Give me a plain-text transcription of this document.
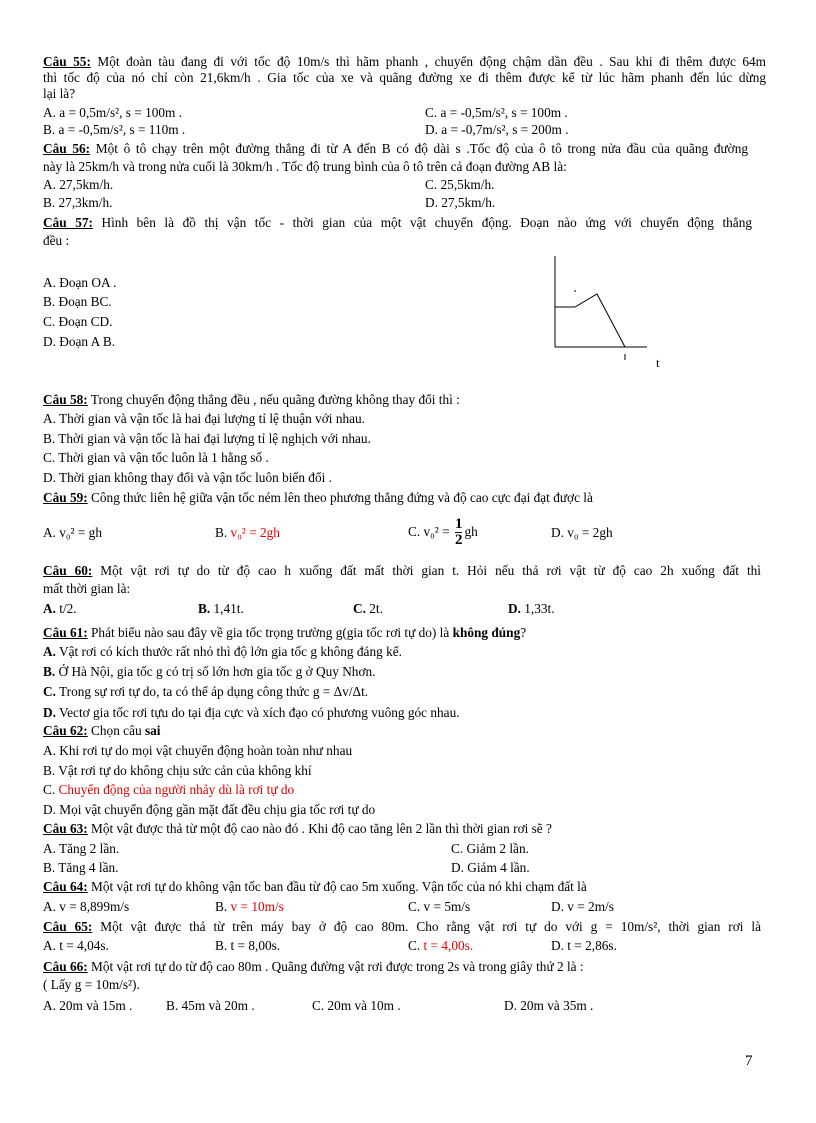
Câu 55: Một đoàn tàu đang đi với tốc độ 10m/s thì hãm phanh , chuyển động chậm dần đều . Sau khi đi thêm được 64m
thì tốc độ của nó chỉ còn 21,6km/h . Gia tốc của xe và quãng đường xe đi thêm được kể từ lúc hãm phanh đến lúc dừng
lại là?
A. a = 0,5m/s², s = 100m .	C. a = -0,5m/s², s = 100m .
B. a = -0,5m/s², s = 110m .	D. a = -0,7m/s², s = 200m .
Câu 56: Một ô tô chạy trên một đường thẳng đi từ A đến B có độ dài s .Tốc độ của ô tô trong nửa đầu của quãng đường
này là 25km/h và trong nửa cuối là 30km/h . Tốc độ trung bình của ô tô trên cả đoạn đường AB là:
A. 27,5km/h.	C. 25,5km/h.
B. 27,3km/h.	D. 27,5km/h.
Câu 57: Hình bên là đồ thị vận tốc - thời gian của một vật chuyển động. Đoạn nào ứng với chuyển động thẳng
đều :
A. Đoạn OA .
B. Đoạn BC.
C. Đoạn CD.
D. Đoạn A B.
t
Câu 58: Trong chuyển động thẳng đều , nếu quãng đường không thay đổi thì :
A. Thời gian và vận tốc là hai đại lượng tỉ lệ thuận với nhau.
B. Thời gian và vận tốc là hai đại lượng tỉ lệ nghịch với nhau.
C. Thời gian và vận tốc luôn là 1 hằng số .
D. Thời gian không thay đổi và vận tốc luôn biến đổi .
Câu 59: Công thức liên hệ giữa vận tốc ném lên theo phương thẳng đứng và độ cao cực đại đạt được là
A. v₀² = gh	B. v₀² = 2gh	C. $v_0^2 = \frac{1}{2}$ gh	D. v₀ = 2gh
Câu 60: Một vật rơi tự do từ độ cao h xuống đất mất thời gian t. Hỏi nếu thả rơi vật từ độ cao 2h xuống đất thì
mất thời gian là:
A. t/2.	B. 1,41t.	C. 2t.	D. 1,33t.
Câu 61: Phát biểu nào sau đây về gia tốc trọng trường g(gia tốc rơi tự do) là không đúng?
A. Vật rơi có kích thước rất nhỏ thì độ lớn gia tốc g không đáng kể.
B. Ở Hà Nội, gia tốc g có trị số lớn hơn gia tốc g ở Quy Nhơn.
C. Trong sự rơi tự do, ta có thể áp dụng công thức g = Δv/Δt.
D. Vectơ gia tốc rơi tựu do tại địa cực và xích đạo có phương vuông góc nhau.
Câu 62: Chọn câu sai
A. Khi rơi tự do mọi vật chuyển động hoàn toàn như nhau
B. Vật rơi tự do không chịu sức cản của không khí
C. Chuyển động của người nhảy dù là rơi tự do
D. Mọi vật chuyển động gần mặt đất đều chịu gia tốc rơi tự do
Câu 63: Một vật được thả từ một độ cao nào đó . Khi độ cao tăng lên 2 lần thì thời gian rơi sẽ ?
A. Tăng 2 lần.	C. Giảm 2 lần.
B. Tăng 4 lần.	D. Giảm 4 lần.
Câu 64: Một vật rơi tự do không vận tốc ban đầu từ độ cao 5m xuống. Vận tốc của nó khi chạm đất là
A. v = 8,899m/s	B. v = 10m/s	C. v = 5m/s	D. v = 2m/s
Câu 65: Một vật được thả từ trên máy bay ở độ cao 80m. Cho rằng vật rơi tự do với g = 10m/s², thời gian rơi là
A. t = 4,04s.	B. t = 8,00s.	C. t = 4,00s.	D. t = 2,86s.
Câu 66: Một vật rơi tự do từ độ cao 80m . Quãng đường vật rơi được trong 2s và trong giây thứ 2 là :
( Lấy g = 10m/s²).
A. 20m và 15m .	B. 45m và 20m .	C. 20m và 10m .	D. 20m và 35m .
7
